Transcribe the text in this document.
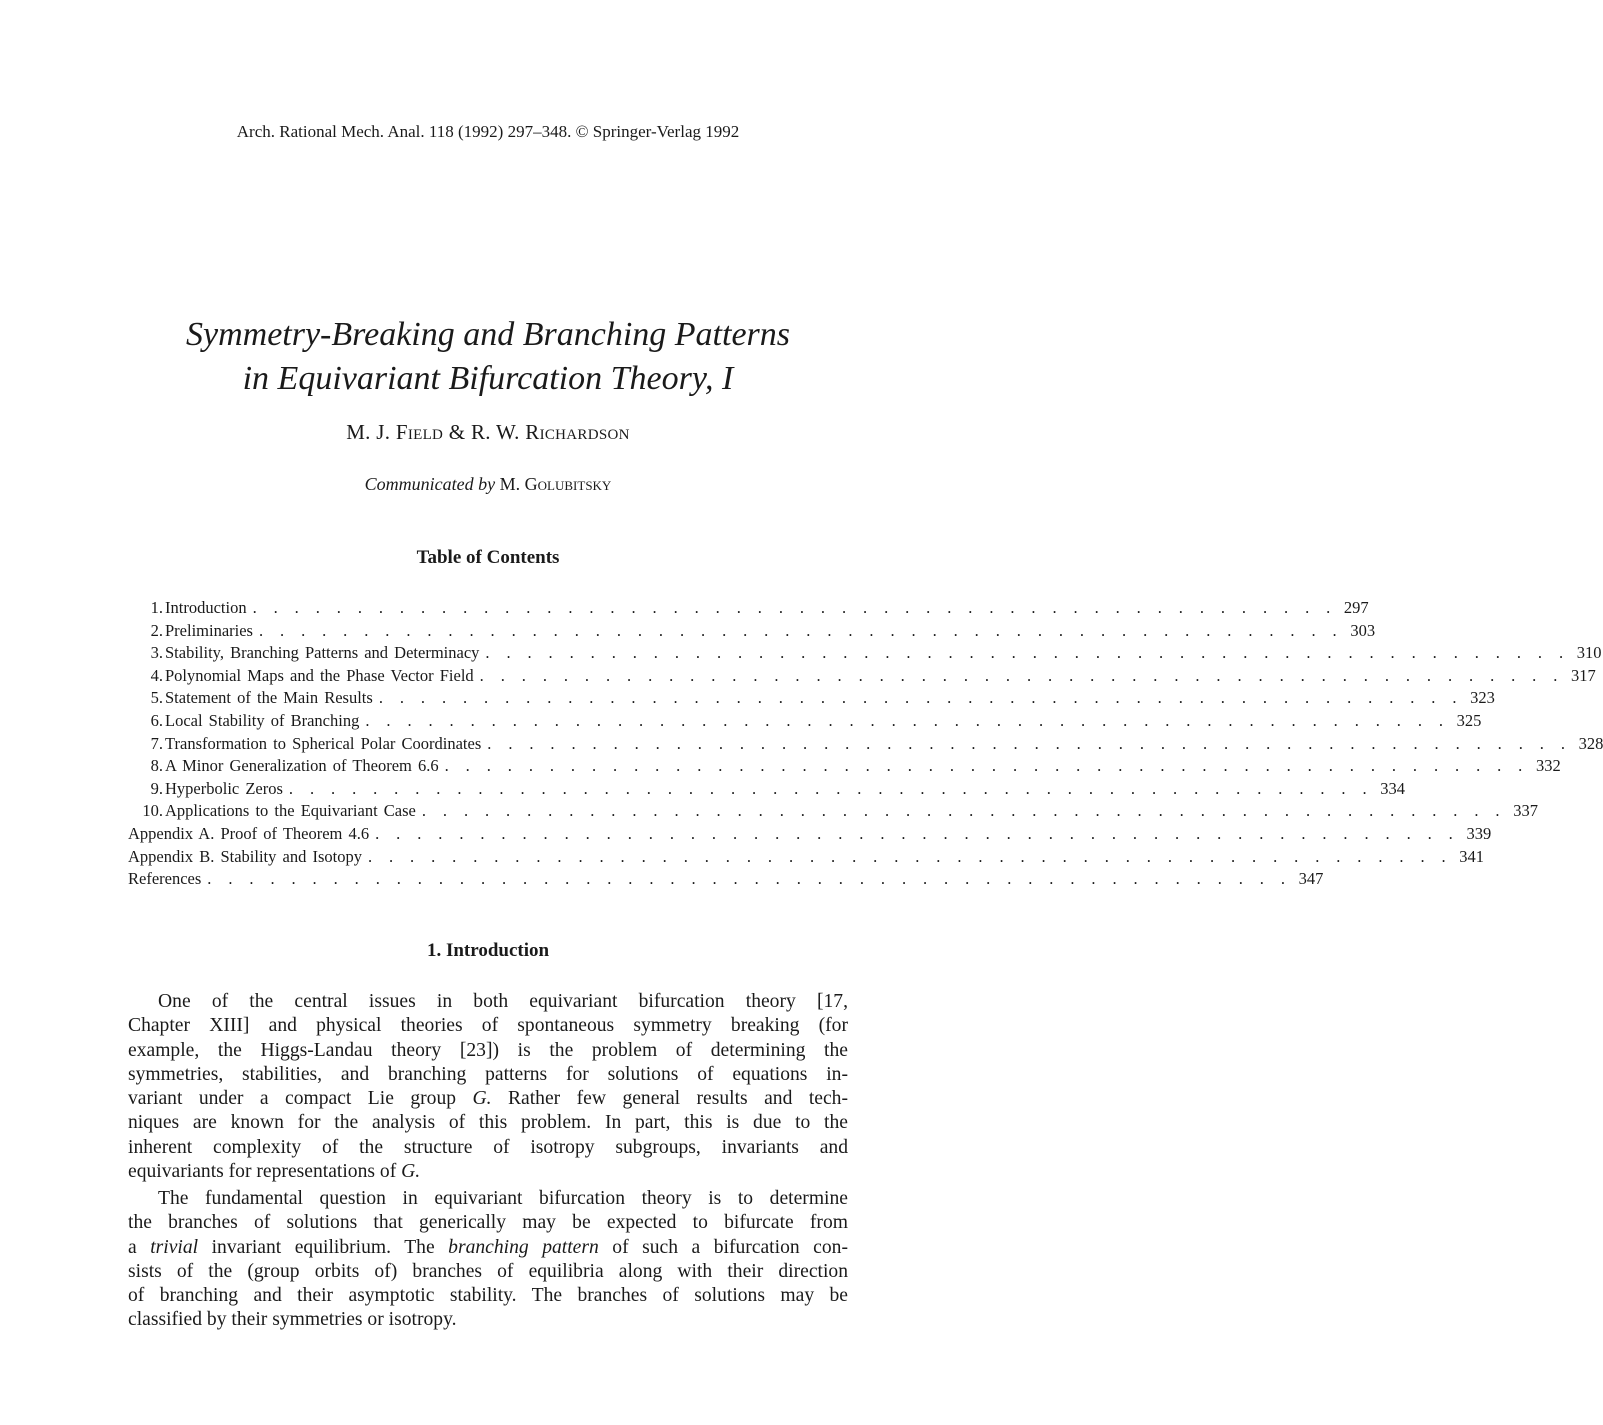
Arch. Rational Mech. Anal. 118 (1992) 297–348. © Springer-Verlag 1992
Symmetry-Breaking and Branching Patterns
in Equivariant Bifurcation Theory, I
M. J. Field & R. W. Richardson
Communicated by M. Golubitsky
Table of Contents
1. Introduction . . . . . . . . . . . . . . . . . . . . . . . . . . . . . . . . . . . . . . . . . . . . . . . . . . . . 297
2. Preliminaries . . . . . . . . . . . . . . . . . . . . . . . . . . . . . . . . . . . . . . . . . . . . . . . . . . . . 303
3. Stability, Branching Patterns and Determinacy . . . . . . . . . . . . . . . . . . . . . . . . . . . . . . . . . . . . . . . . . . . . . . . . . . . . 310
4. Polynomial Maps and the Phase Vector Field . . . . . . . . . . . . . . . . . . . . . . . . . . . . . . . . . . . . . . . . . . . . . . . . . . . . 317
5. Statement of the Main Results . . . . . . . . . . . . . . . . . . . . . . . . . . . . . . . . . . . . . . . . . . . . . . . . . . . . 323
6. Local Stability of Branching . . . . . . . . . . . . . . . . . . . . . . . . . . . . . . . . . . . . . . . . . . . . . . . . . . . . 325
7. Transformation to Spherical Polar Coordinates . . . . . . . . . . . . . . . . . . . . . . . . . . . . . . . . . . . . . . . . . . . . . . . . . . . . 328
8. A Minor Generalization of Theorem 6.6 . . . . . . . . . . . . . . . . . . . . . . . . . . . . . . . . . . . . . . . . . . . . . . . . . . . . 332
9. Hyperbolic Zeros . . . . . . . . . . . . . . . . . . . . . . . . . . . . . . . . . . . . . . . . . . . . . . . . . . . . 334
10. Applications to the Equivariant Case . . . . . . . . . . . . . . . . . . . . . . . . . . . . . . . . . . . . . . . . . . . . . . . . . . . . 337
Appendix A. Proof of Theorem 4.6 . . . . . . . . . . . . . . . . . . . . . . . . . . . . . . . . . . . . . . . . . . . . . . . . . . . . 339
Appendix B. Stability and Isotopy . . . . . . . . . . . . . . . . . . . . . . . . . . . . . . . . . . . . . . . . . . . . . . . . . . . . 341
References . . . . . . . . . . . . . . . . . . . . . . . . . . . . . . . . . . . . . . . . . . . . . . . . . . . . 347
1. Introduction
One of the central issues in both equivariant bifurcation theory [17,
Chapter XIII] and physical theories of spontaneous symmetry breaking (for
example, the Higgs-Landau theory [23]) is the problem of determining the
symmetries, stabilities, and branching patterns for solutions of equations in-
variant under a compact Lie group G. Rather few general results and tech-
niques are known for the analysis of this problem. In part, this is due to the
inherent complexity of the structure of isotropy subgroups, invariants and
equivariants for representations of G.
The fundamental question in equivariant bifurcation theory is to determine
the branches of solutions that generically may be expected to bifurcate from
a trivial invariant equilibrium. The branching pattern of such a bifurcation con-
sists of the (group orbits of) branches of equilibria along with their direction
of branching and their asymptotic stability. The branches of solutions may be
classified by their symmetries or isotropy.
